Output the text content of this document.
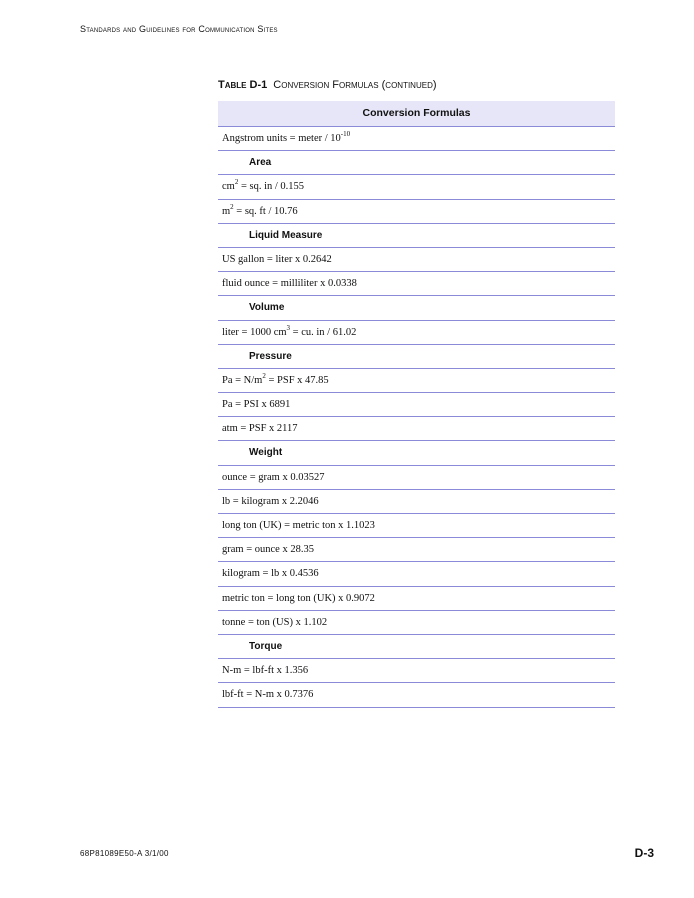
Standards and Guidelines for Communication Sites
Table D-1 Conversion Formulas (continued)
Conversion Formulas
Angstrom units = meter / $10^{-10}$
Area
$cm^2$ = sq. in / 0.155
$m^2$ = sq. ft / 10.76
Liquid Measure
US gallon = liter x 0.2642
fluid ounce = milliliter x 0.0338
Volume
liter = 1000 $cm^3$ = cu. in / 61.02
Pressure
$Pa = N/m^2$ = PSF x 47.85
Pa = PSI x 6891
atm = PSF x 2117
Weight
ounce = gram x 0.03527
lb = kilogram x 2.2046
long ton (UK) = metric ton x 1.1023
gram = ounce x 28.35
kilogram = lb x 0.4536
metric ton = long ton (UK) x 0.9072
tonne = ton (US) x 1.102
Torque
N-m = lbf-ft x 1.356
lbf-ft = N-m x 0.7376
68P81089E50-A 3/1/00	D-3
